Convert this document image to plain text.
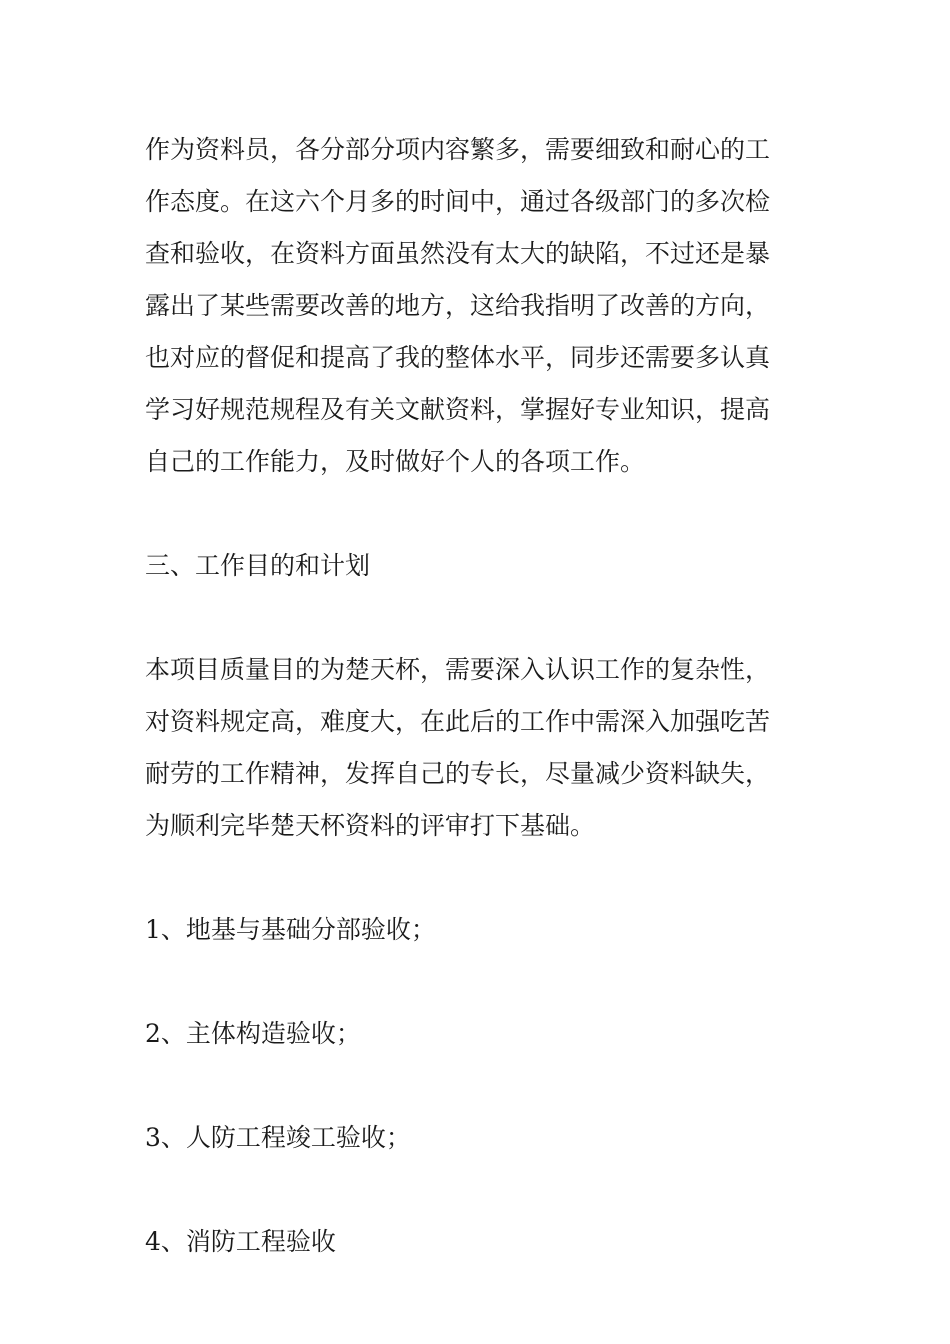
作为资料员，各分部分项内容繁多，需要细致和耐心的工
作态度。在这六个月多的时间中，通过各级部门的多次检
查和验收，在资料方面虽然没有太大的缺陷，不过还是暴
露出了某些需要改善的地方，这给我指明了改善的方向，
也对应的督促和提高了我的整体水平，同步还需要多认真
学习好规范规程及有关文献资料，掌握好专业知识，提高
自己的工作能力，及时做好个人的各项工作。
三、工作目的和计划
本项目质量目的为楚天杯，需要深入认识工作的复杂性，
对资料规定高，难度大，在此后的工作中需深入加强吃苦
耐劳的工作精神，发挥自己的专长，尽量减少资料缺失，
为顺利完毕楚天杯资料的评审打下基础。
1、地基与基础分部验收；
2、主体构造验收；
3、人防工程竣工验收；
4、消防工程验收
